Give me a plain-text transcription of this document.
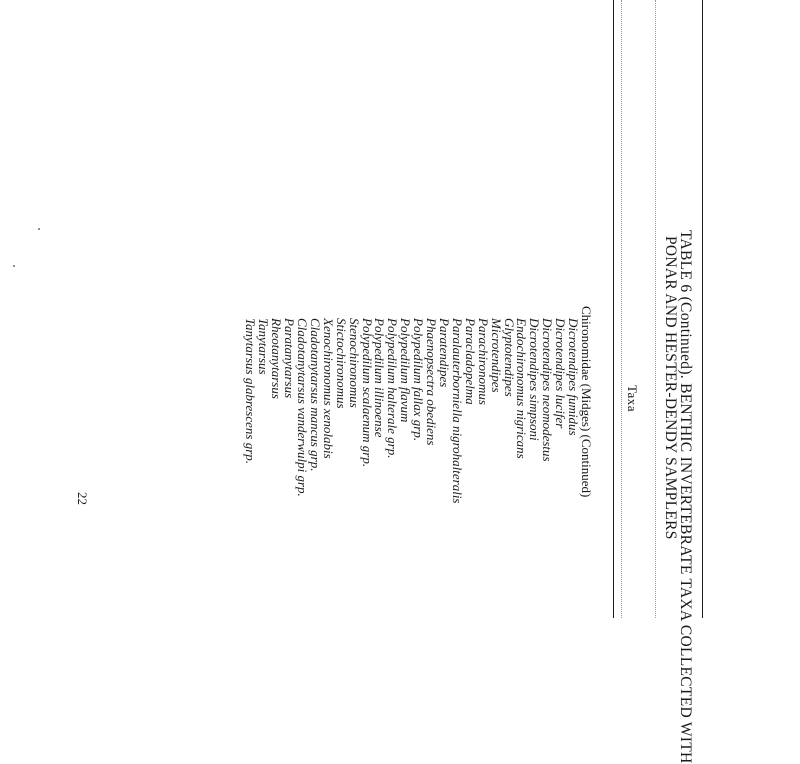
TABLE 6 (Continued). BENTHIC INVERTEBRATE TAXA COLLECTED WITH
PONAR AND HESTER-DENDY SAMPLERS
Taxa
Chironomidae (Midges) (Continued)
Dicrotendipes fumidus
Dicrotendipes lucifer
Dicrotendipes neomodestus
Dicrotendipes simpsoni
Endochironomus nigricans
Glyptotendipes
Microtendipes
Parachironomus
Paracladopelma
Paralauterborniella nigrohalteralis
Paratendipes
Phaenopsectra obediens
Polypedilum fallax grp.
Polypedilum flavum
Polypedilum halterale grp.
Polypedilum illinoense
Polypedilum scalaenum grp.
Stenochironomus
Stictochironomus
Xenochironomus xenolabis
Cladotanytarsus mancus grp.
Cladotanytarsus vanderwulpi grp.
Paratanytarsus
Rheotanytarsus
Tanytarsus
Tanytarsus glabrescens grp.
22
